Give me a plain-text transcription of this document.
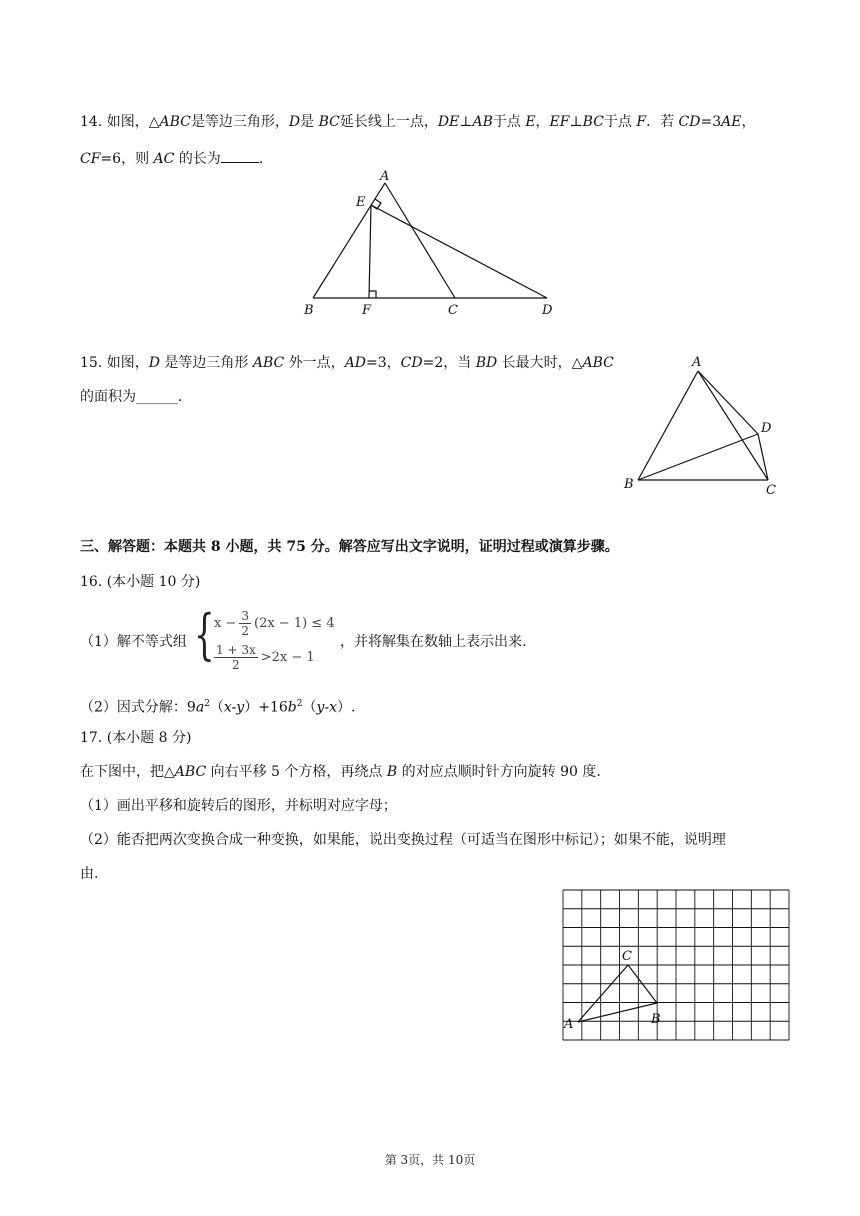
14. 如图，△ABC是等边三角形，D是 BC延长线上一点，DE⊥AB于点 E，EF⊥BC于点 F．若 CD=3AE，
CF=6，则 AC 的长为	．
A
E
B	F	C	D
15. 如图，D 是等边三角形 ABC 外一点，AD=3，CD=2，当 BD 长最大时，△ABC
的面积为______．
A
D
B	C
三、解答题：本题共 8 小题，共 75 分。解答应写出文字说明，证明过程或演算步骤。
16. (本小题 10 分)
（1）解不等式组 { $x - \frac{3}{2} (2x - 1) \le 4$
$\frac{1 + 3x}{2} >2x - 1$
，并将解集在数轴上表示出来.
（2）因式分解：$9a^2(x-y)+16b^2(y-x)$.
17. (本小题 8 分)
在下图中，把△ABC 向右平移 5 个方格，再绕点 B 的对应点顺时针方向旋转 90 度.
（1）画出平移和旋转后的图形，并标明对应字母；
（2）能否把两次变换合成一种变换，如果能，说出变换过程（可适当在图形中标记）；如果不能，说明理
由.
C
A	B
第 3页，共 10页
